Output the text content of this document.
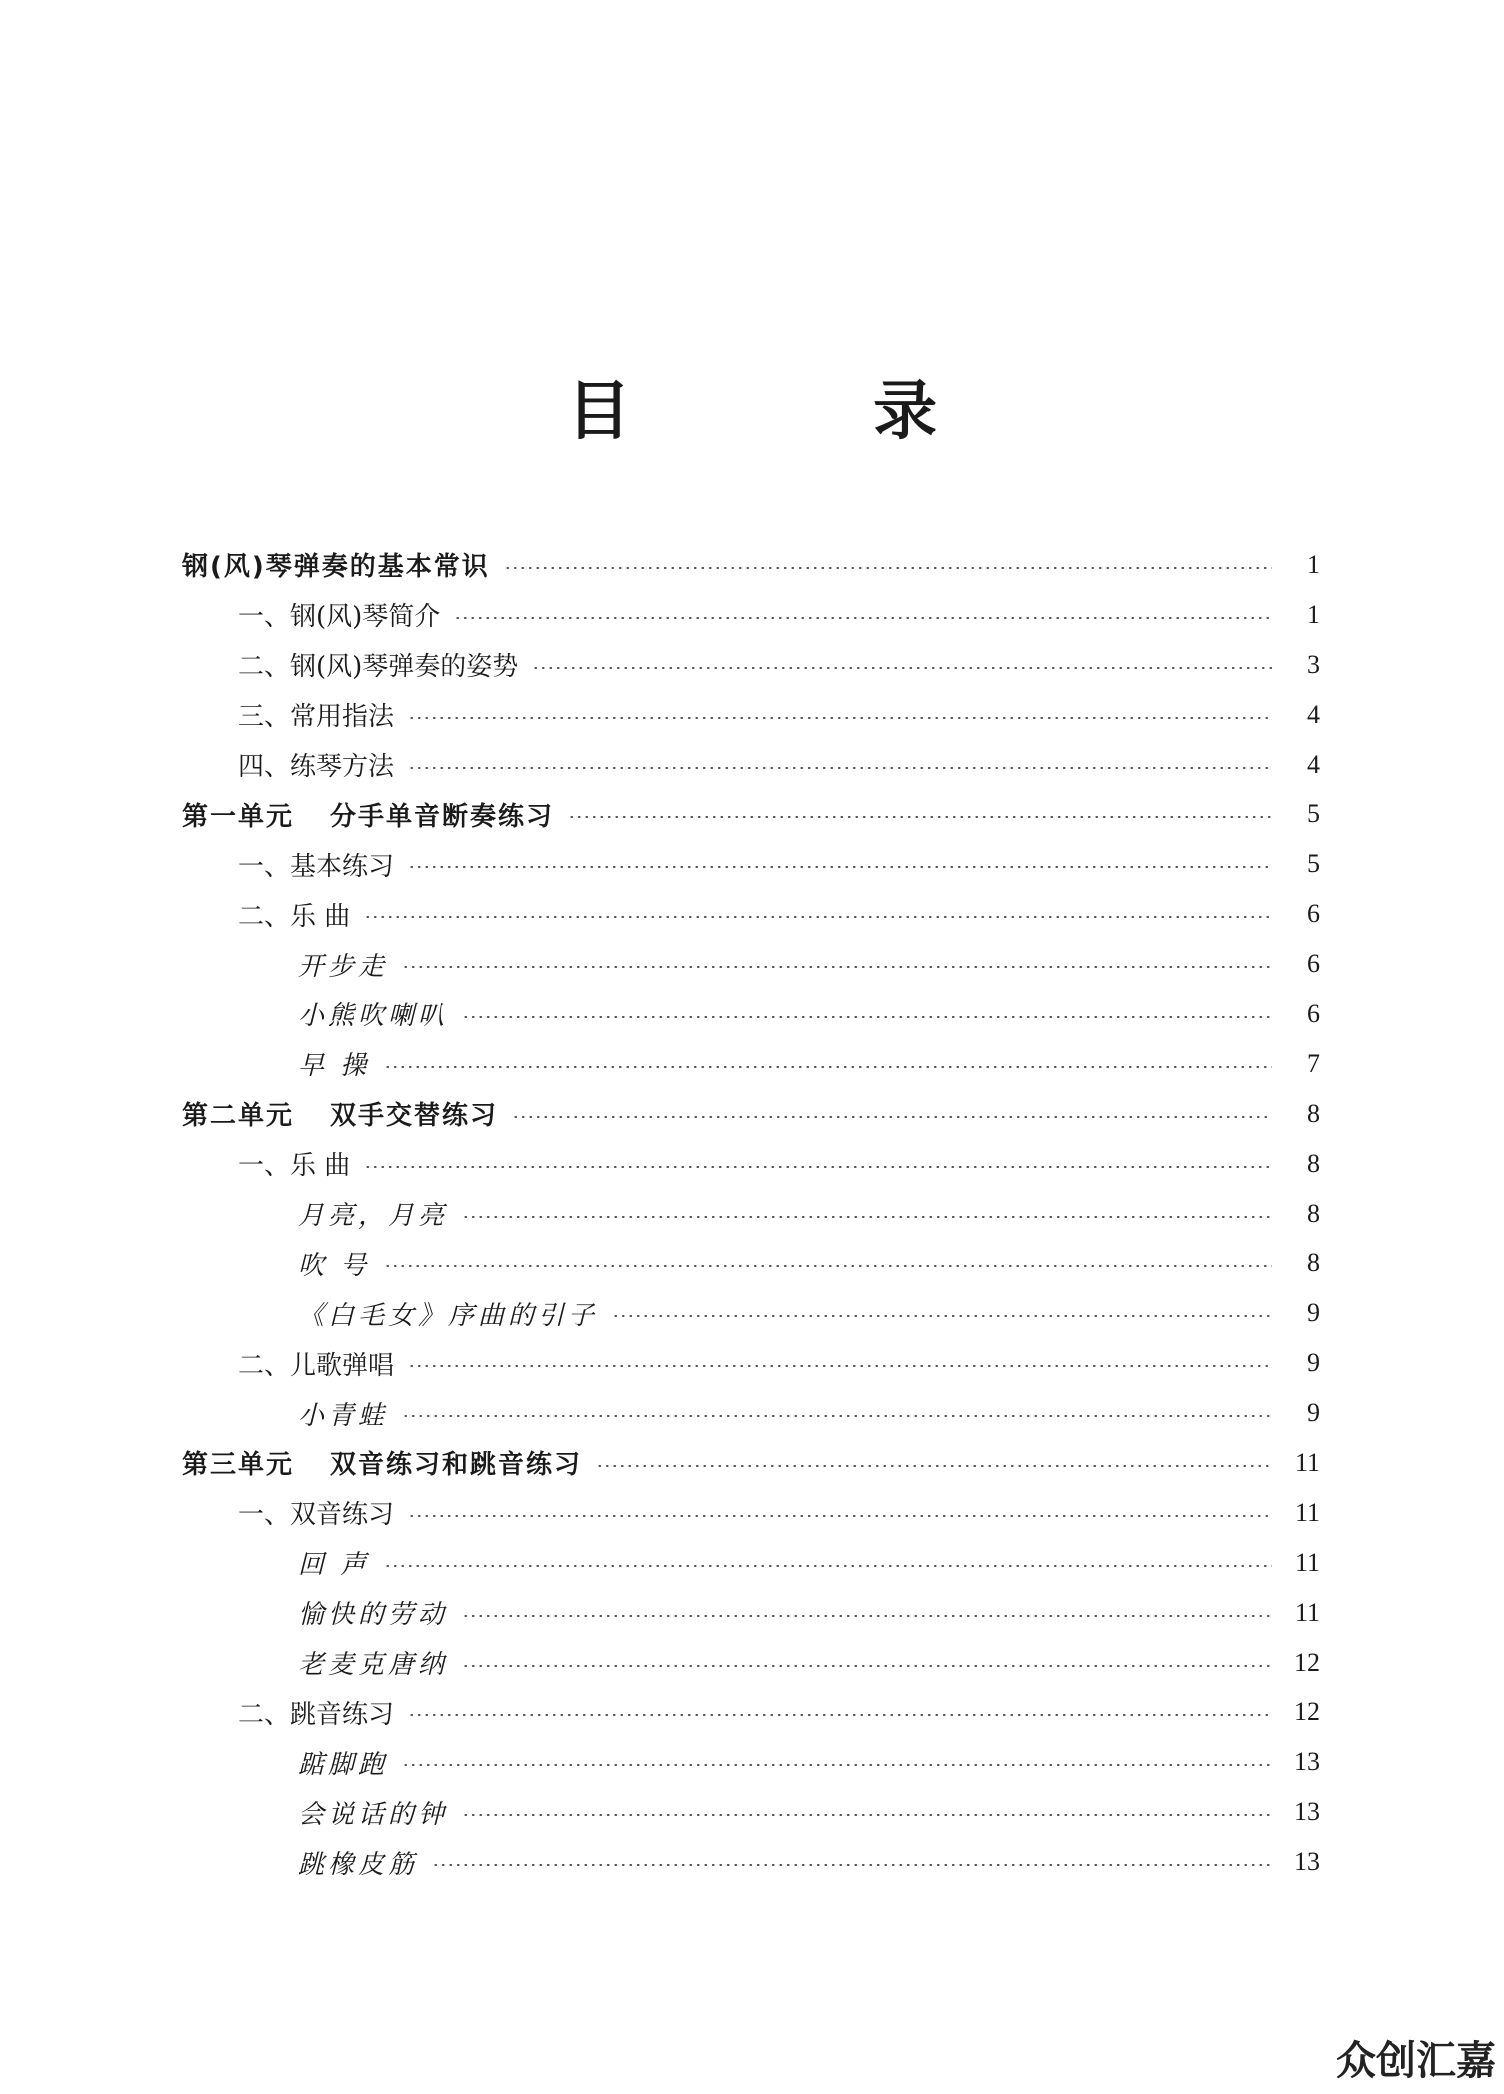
目 录
钢(风)琴弹奏的基本常识	1
一、钢(风)琴简介	1
二、钢(风)琴弹奏的姿势	3
三、常用指法	4
四、练琴方法	4
第一单元 分手单音断奏练习	5
一、基本练习	5
二、乐 曲	6
开步走	6
小熊吹喇叭	6
早 操	7
第二单元 双手交替练习	8
一、乐 曲	8
月亮，月亮	8
吹 号	8
《白毛女》序曲的引子	9
二、儿歌弹唱	9
小青蛙	9
第三单元 双音练习和跳音练习	11
一、双音练习	11
回 声	11
愉快的劳动	11
老麦克唐纳	12
二、跳音练习	12
踮脚跑	13
会说话的钟	13
跳橡皮筋	13
众创汇嘉
